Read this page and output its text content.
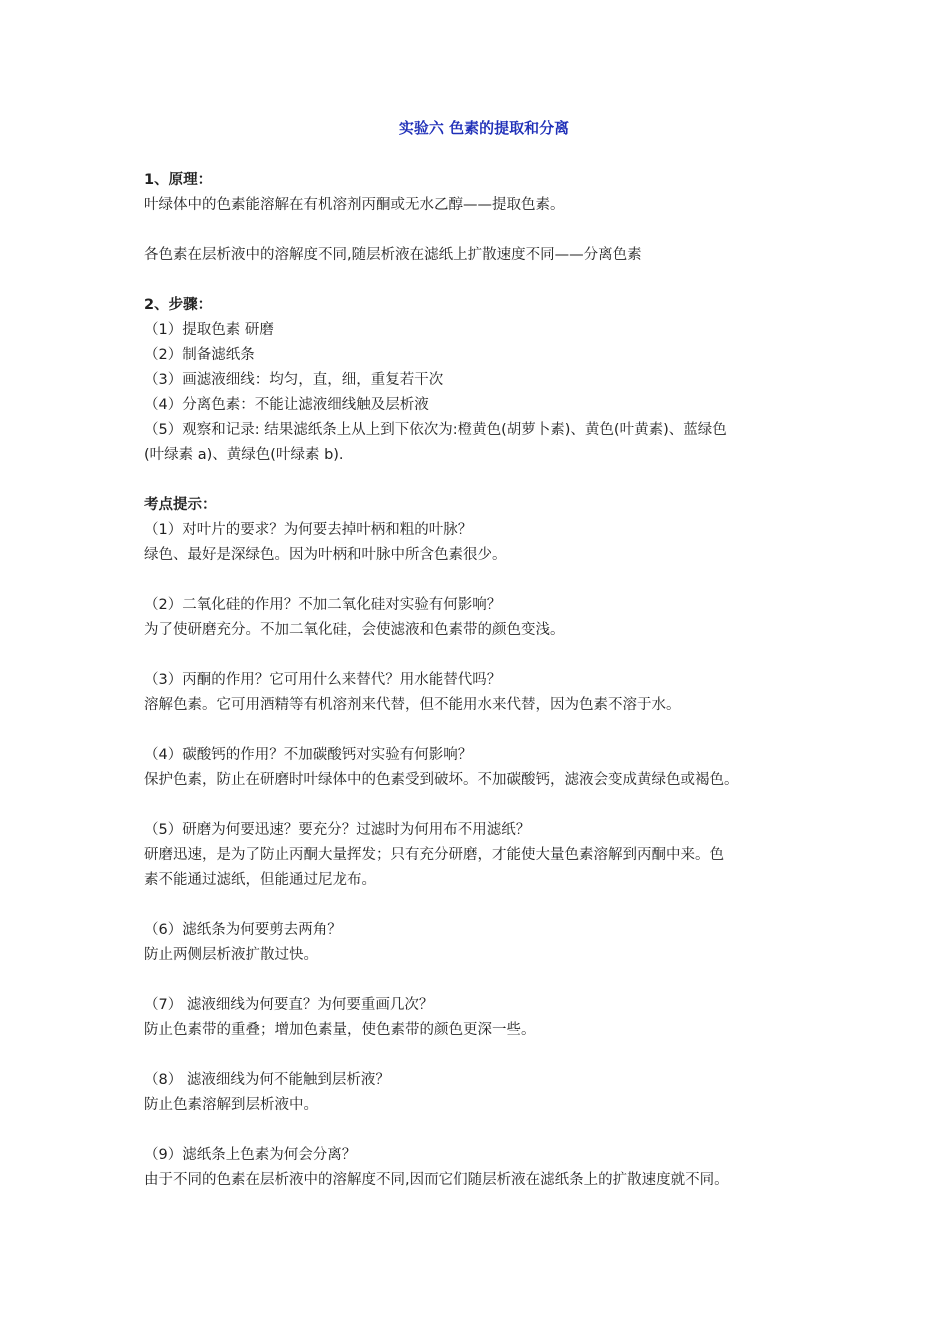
实验六 色素的提取和分离
1、原理：

叶绿体中的色素能溶解在有机溶剂丙酮或无水乙醇——提取色素。

各色素在层析液中的溶解度不同,随层析液在滤纸上扩散速度不同——分离色素

2、步骤：

（1）提取色素 研磨

（2）制备滤纸条

（3）画滤液细线：均匀，直，细，重复若干次

（4）分离色素：不能让滤液细线触及层析液

（5）观察和记录: 结果滤纸条上从上到下依次为:橙黄色(胡萝卜素)、黄色(叶黄素)、蓝绿色

(叶绿素 a)、黄绿色(叶绿素 b).

考点提示：

（1）对叶片的要求？为何要去掉叶柄和粗的叶脉？

绿色、最好是深绿色。因为叶柄和叶脉中所含色素很少。

（2）二氧化硅的作用？不加二氧化硅对实验有何影响？

为了使研磨充分。不加二氧化硅，会使滤液和色素带的颜色变浅。

（3）丙酮的作用？它可用什么来替代？用水能替代吗？

溶解色素。它可用酒精等有机溶剂来代替，但不能用水来代替，因为色素不溶于水。

（4）碳酸钙的作用？不加碳酸钙对实验有何影响？

保护色素，防止在研磨时叶绿体中的色素受到破坏。不加碳酸钙，滤液会变成黄绿色或褐色。

（5）研磨为何要迅速？要充分？过滤时为何用布不用滤纸？

研磨迅速，是为了防止丙酮大量挥发；只有充分研磨，才能使大量色素溶解到丙酮中来。色

素不能通过滤纸，但能通过尼龙布。

（6）滤纸条为何要剪去两角？

防止两侧层析液扩散过快。

（7） 滤液细线为何要直？为何要重画几次？

防止色素带的重叠；增加色素量，使色素带的颜色更深一些。

（8） 滤液细线为何不能触到层析液？

防止色素溶解到层析液中。

（9）滤纸条上色素为何会分离？

由于不同的色素在层析液中的溶解度不同,因而它们随层析液在滤纸条上的扩散速度就不同。
